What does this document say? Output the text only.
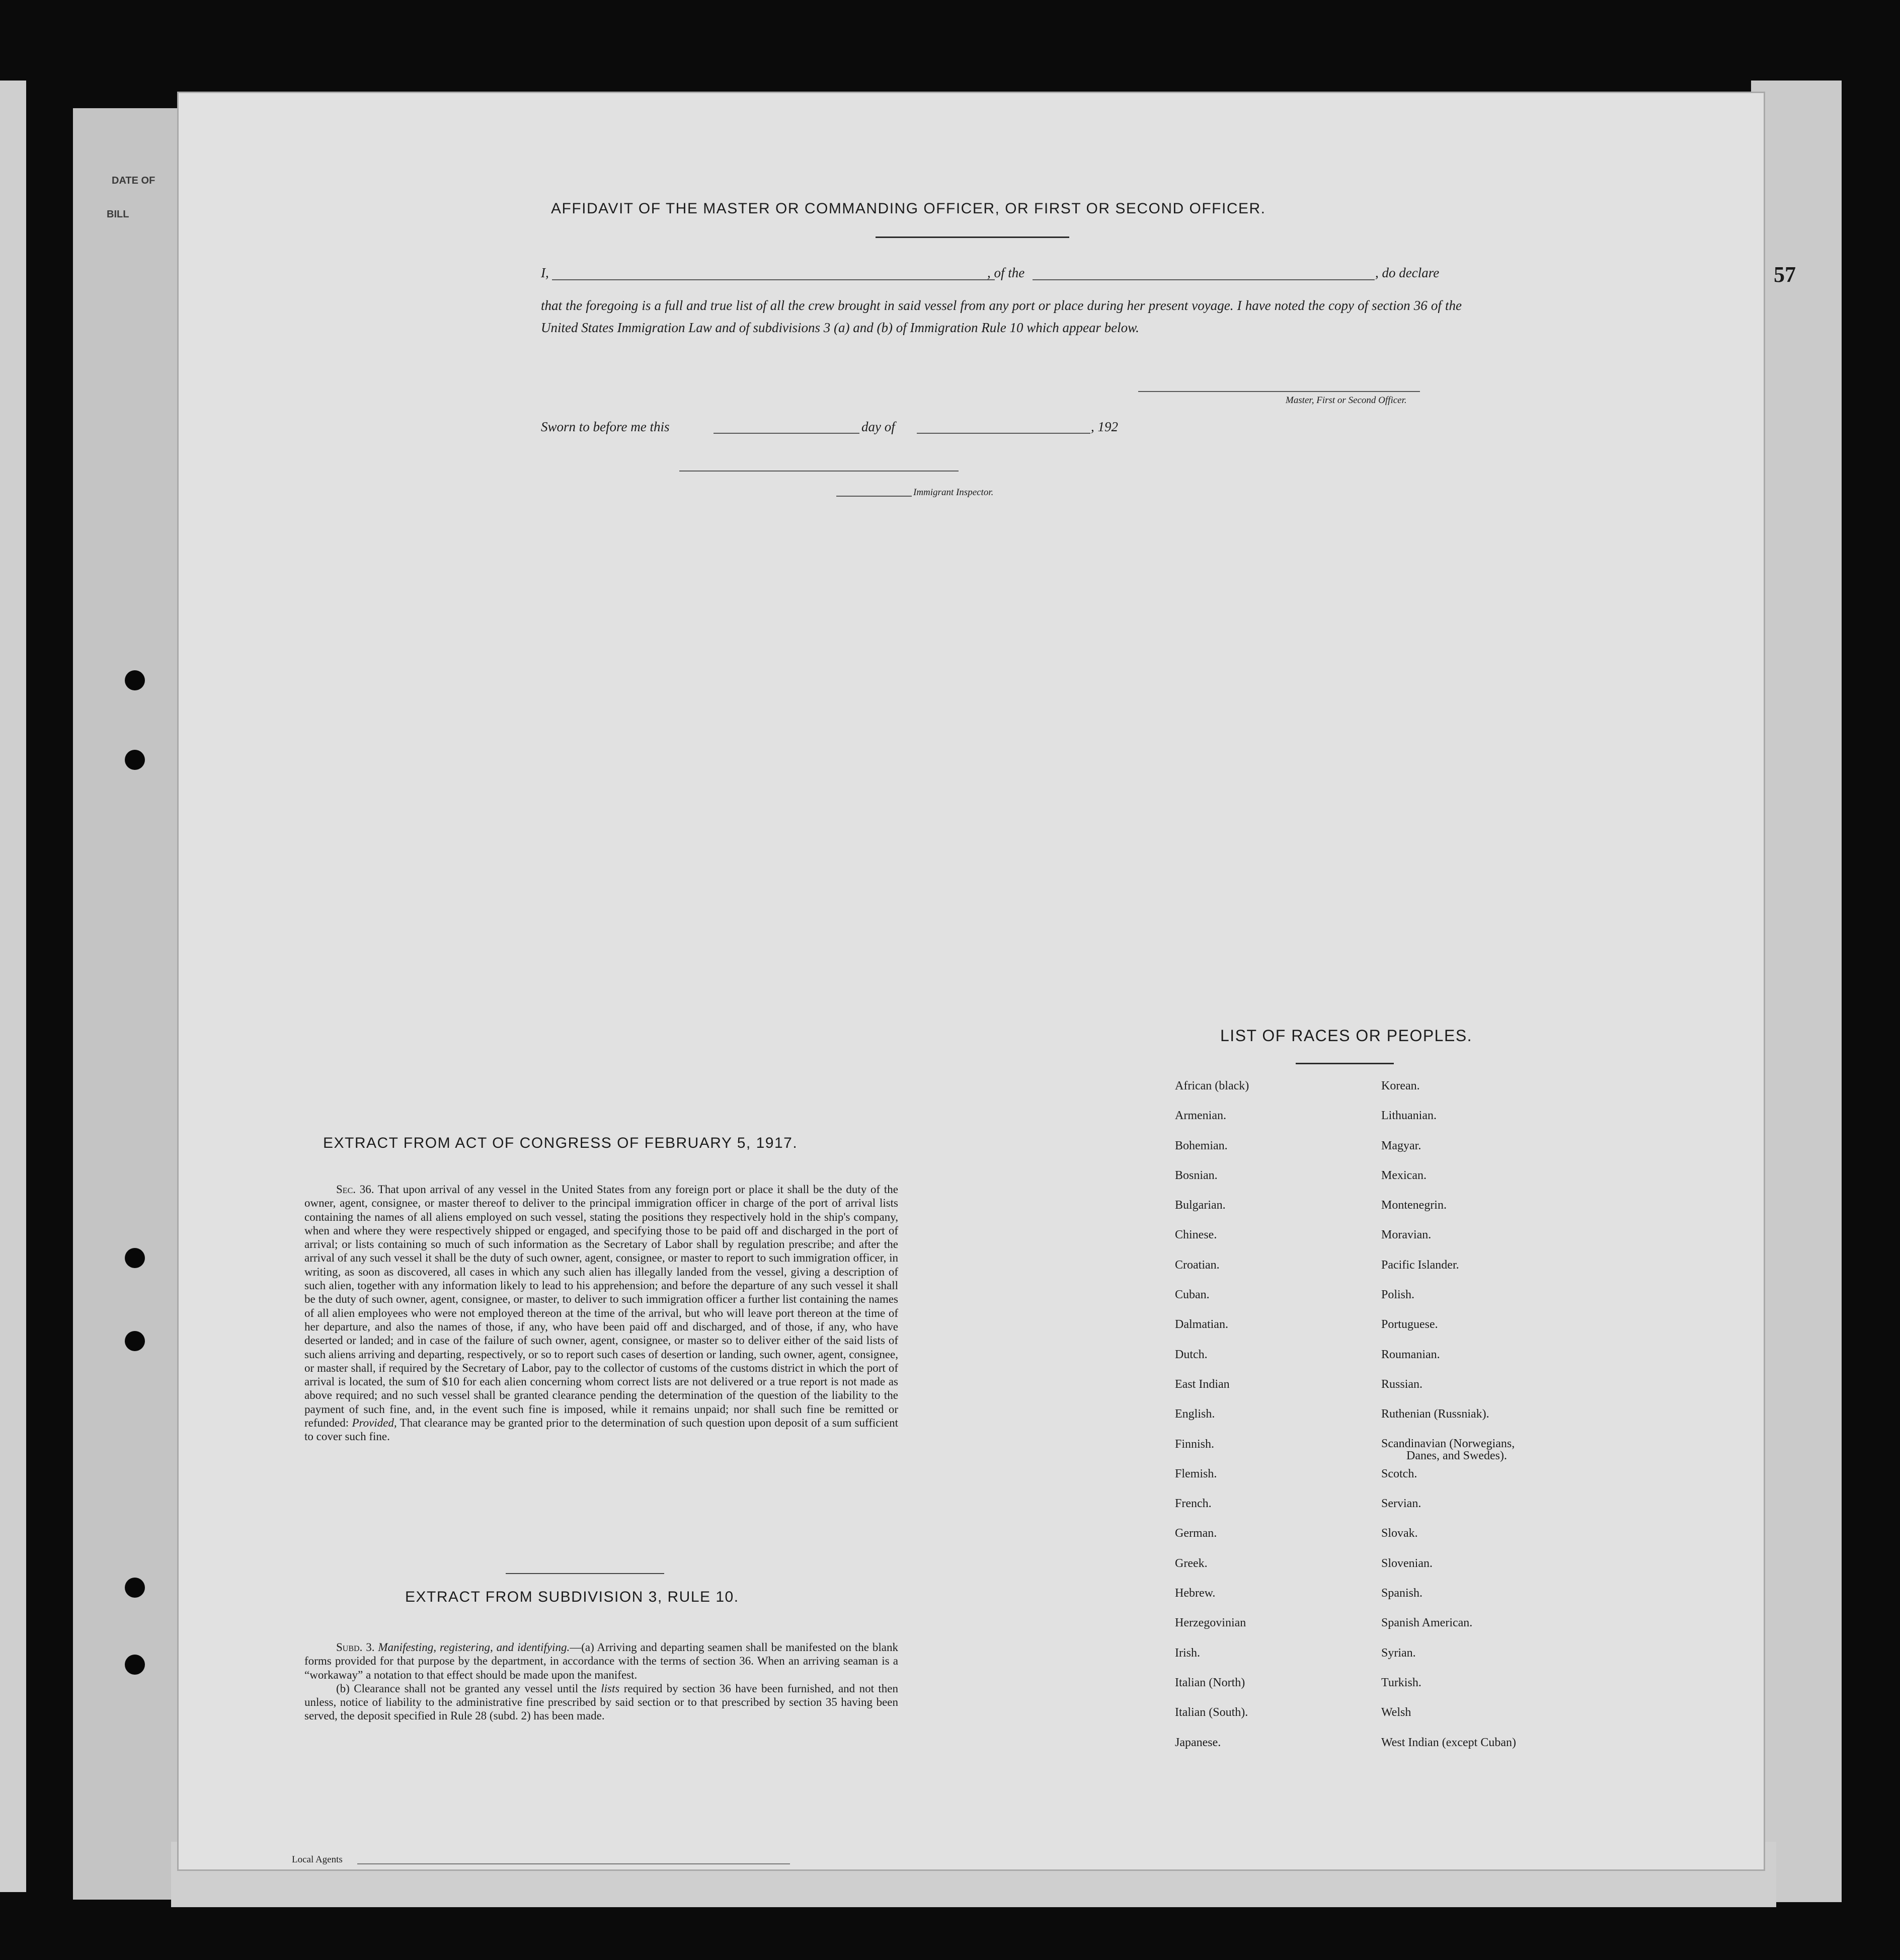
DATE OF
BILL
57
AFFIDAVIT OF THE MASTER OR COMMANDING OFFICER, OR FIRST OR SECOND OFFICER.
I,	, of the	, do declare
that the foregoing is a full and true list of all the crew brought in said vessel from any port or place during her present voyage. I have noted the copy of section 36 of the United States Immigration Law and of subdivisions 3 (a) and (b) of Immigration Rule 10 which appear below.
Master, First or Second Officer.
Sworn to before me this	day of	, 192
Immigrant Inspector.
LIST OF RACES OR PEOPLES.
African (black)	Korean.
Armenian.	Lithuanian.
Bohemian.	Magyar.
Bosnian.	Mexican.
Bulgarian.	Montenegrin.
Chinese.	Moravian.
Croatian.	Pacific Islander.
Cuban.	Polish.
Dalmatian.	Portuguese.
Dutch.	Roumanian.
East Indian	Russian.
English.	Ruthenian (Russniak).
Finnish.	Scandinavian (Norwegians,
Danes, and Swedes).
Flemish.	Scotch.
French.	Servian.
German.	Slovak.
Greek.	Slovenian.
Hebrew.	Spanish.
Herzegovinian	Spanish American.
Irish.	Syrian.
Italian (North)	Turkish.
Italian (South).	Welsh
Japanese.	West Indian (except Cuban)
EXTRACT FROM ACT OF CONGRESS OF FEBRUARY 5, 1917.
Sec. 36. That upon arrival of any vessel in the United States from any foreign port or place it shall be the duty of the owner, agent, consignee, or master thereof to deliver to the principal immigration officer in charge of the port of arrival lists containing the names of all aliens employed on such vessel, stating the positions they respectively hold in the ship's company, when and where they were respectively shipped or engaged, and specifying those to be paid off and discharged in the port of arrival; or lists containing so much of such information as the Secretary of Labor shall by regulation prescribe; and after the arrival of any such vessel it shall be the duty of such owner, agent, consignee, or master to report to such immigration officer, in writing, as soon as discovered, all cases in which any such alien has illegally landed from the vessel, giving a description of such alien, together with any information likely to lead to his apprehension; and before the departure of any such vessel it shall be the duty of such owner, agent, consignee, or master, to deliver to such immigration officer a further list containing the names of all alien employees who were not employed thereon at the time of the arrival, but who will leave port thereon at the time of her departure, and also the names of those, if any, who have been paid off and discharged, and of those, if any, who have deserted or landed; and in case of the failure of such owner, agent, consignee, or master so to deliver either of the said lists of such aliens arriving and departing, respectively, or so to report such cases of desertion or landing, such owner, agent, consignee, or master shall, if required by the Secretary of Labor, pay to the collector of customs of the customs district in which the port of arrival is located, the sum of $10 for each alien concerning whom correct lists are not delivered or a true report is not made as above required; and no such vessel shall be granted clearance pending the determination of the question of the liability to the payment of such fine, and, in the event such fine is imposed, while it remains unpaid; nor shall such fine be remitted or refunded: Provided, That clearance may be granted prior to the determination of such question upon deposit of a sum sufficient to cover such fine.
EXTRACT FROM SUBDIVISION 3, RULE 10.
Subd. 3. Manifesting, registering, and identifying.—(a) Arriving and departing seamen shall be manifested on the blank forms provided for that purpose by the department, in accordance with the terms of section 36. When an arriving seaman is a “workaway” a notation to that effect should be made upon the manifest.
(b) Clearance shall not be granted any vessel until the lists required by section 36 have been furnished, and not then unless, notice of liability to the administrative fine prescribed by said section or to that prescribed by section 35 having been served, the deposit specified in Rule 28 (subd. 2) has been made.
Local Agents
